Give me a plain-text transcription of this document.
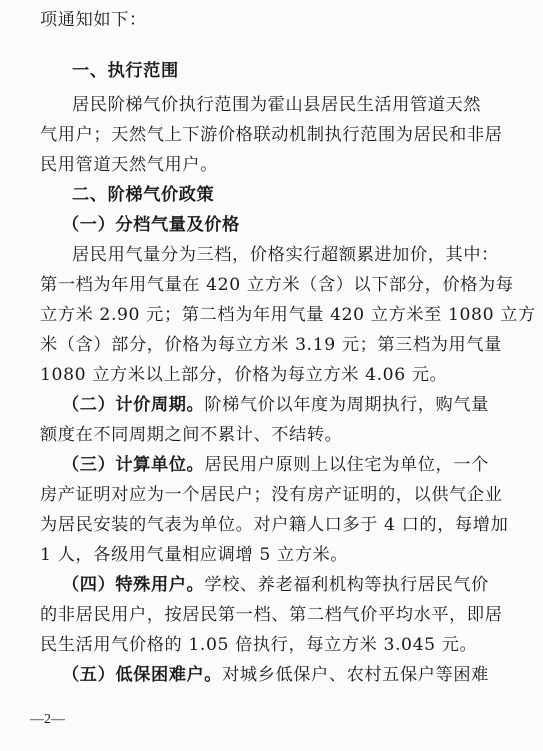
项通知如下：
一、执行范围
居民阶梯气价执行范围为霍山县居民生活用管道天然
气用户；天然气上下游价格联动机制执行范围为居民和非居
民用管道天然气用户。
二、阶梯气价政策
（一）分档气量及价格
居民用气量分为三档，价格实行超额累进加价，其中：
第一档为年用气量在 420 立方米（含）以下部分，价格为每
立方米 2.90 元；第二档为年用气量 420 立方米至 1080 立方
米（含）部分，价格为每立方米 3.19 元；第三档为用气量
1080 立方米以上部分，价格为每立方米 4.06 元。
（二）计价周期。阶梯气价以年度为周期执行，购气量
额度在不同周期之间不累计、不结转。
（三）计算单位。居民用户原则上以住宅为单位，一个
房产证明对应为一个居民户；没有房产证明的，以供气企业
为居民安装的气表为单位。对户籍人口多于 4 口的，每增加
1 人，各级用气量相应调增 5 立方米。
（四）特殊用户。学校、养老福利机构等执行居民气价
的非居民用户，按居民第一档、第二档气价平均水平，即居
民生活用气价格的 1.05 倍执行，每立方米 3.045 元。
（五）低保困难户。对城乡低保户、农村五保户等困难
—2—
